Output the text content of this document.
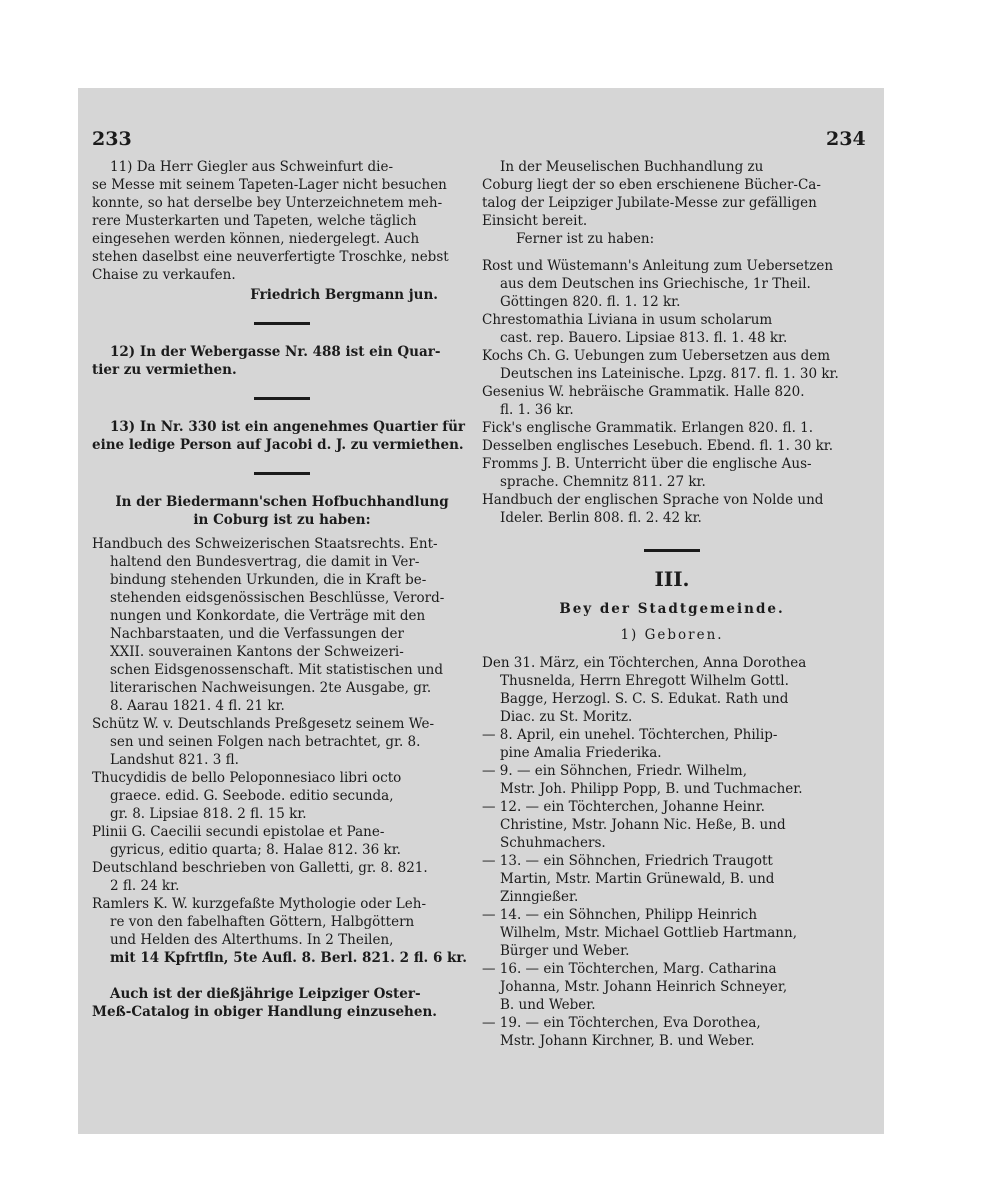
233	234
11) Da Herr Giegler aus Schweinfurt die-
se Messe mit seinem Tapeten-Lager nicht besuchen
konnte, so hat derselbe bey Unterzeichnetem meh-
rere Musterkarten und Tapeten, welche täglich
eingesehen werden können, niedergelegt. Auch
stehen daselbst eine neuverfertigte Troschke, nebst
Chaise zu verkaufen.
Friedrich Bergmann jun.
12) In der Webergasse Nr. 488 ist ein Quar-
tier zu vermiethen.
13) In Nr. 330 ist ein angenehmes Quartier für
eine ledige Person auf Jacobi d. J. zu vermiethen.
In der Biedermann'schen Hofbuchhandlung
in Coburg ist zu haben:
Handbuch des Schweizerischen Staatsrechts. Ent-
haltend den Bundesvertrag, die damit in Ver-
bindung stehenden Urkunden, die in Kraft be-
stehenden eidsgenössischen Beschlüsse, Verord-
nungen und Konkordate, die Verträge mit den
Nachbarstaaten, und die Verfassungen der
XXII. souverainen Kantons der Schweizeri-
schen Eidsgenossenschaft. Mit statistischen und
literarischen Nachweisungen. 2te Ausgabe, gr.
8. Aarau 1821. 4 fl. 21 kr.
Schütz W. v. Deutschlands Preßgesetz seinem We-
sen und seinen Folgen nach betrachtet, gr. 8.
Landshut 821. 3 fl.
Thucydidis de bello Peloponnesiaco libri octo
graece. edid. G. Seebode. editio secunda,
gr. 8. Lipsiae 818. 2 fl. 15 kr.
Plinii G. Caecilii secundi epistolae et Pane-
gyricus, editio quarta; 8. Halae 812. 36 kr.
Deutschland beschrieben von Galletti, gr. 8. 821.
2 fl. 24 kr.
Ramlers K. W. kurzgefaßte Mythologie oder Leh-
re von den fabelhaften Göttern, Halbgöttern
und Helden des Alterthums. In 2 Theilen,
mit 14 Kpfrtfln, 5te Aufl. 8. Berl. 821. 2 fl. 6 kr.
Auch ist der dießjährige Leipziger Oster-
Meß-Catalog in obiger Handlung einzusehen.
In der Meuselischen Buchhandlung zu
Coburg liegt der so eben erschienene Bücher-Ca-
talog der Leipziger Jubilate-Messe zur gefälligen
Einsicht bereit.
Ferner ist zu haben:
Rost und Wüstemann's Anleitung zum Uebersetzen
aus dem Deutschen ins Griechische, 1r Theil.
Göttingen 820. fl. 1. 12 kr.
Chrestomathia Liviana in usum scholarum
cast. rep. Bauero. Lipsiae 813. fl. 1. 48 kr.
Kochs Ch. G. Uebungen zum Uebersetzen aus dem
Deutschen ins Lateinische. Lpzg. 817. fl. 1. 30 kr.
Gesenius W. hebräische Grammatik. Halle 820.
fl. 1. 36 kr.
Fick's englische Grammatik. Erlangen 820. fl. 1.
Desselben englisches Lesebuch. Ebend. fl. 1. 30 kr.
Fromms J. B. Unterricht über die englische Aus-
sprache. Chemnitz 811. 27 kr.
Handbuch der englischen Sprache von Nolde und
Ideler. Berlin 808. fl. 2. 42 kr.
III.
Bey der Stadtgemeinde.
1) Geboren.
Den 31. März, ein Töchterchen, Anna Dorothea
Thusnelda, Herrn Ehregott Wilhelm Gottl.
Bagge, Herzogl. S. C. S. Edukat. Rath und
Diac. zu St. Moritz.
— 8. April, ein unehel. Töchterchen, Philip-
pine Amalia Friederika.
— 9. — ein Söhnchen, Friedr. Wilhelm,
Mstr. Joh. Philipp Popp, B. und Tuchmacher.
— 12. — ein Töchterchen, Johanne Heinr.
Christine, Mstr. Johann Nic. Heße, B. und
Schuhmachers.
— 13. — ein Söhnchen, Friedrich Traugott
Martin, Mstr. Martin Grünewald, B. und
Zinngießer.
— 14. — ein Söhnchen, Philipp Heinrich
Wilhelm, Mstr. Michael Gottlieb Hartmann,
Bürger und Weber.
— 16. — ein Töchterchen, Marg. Catharina
Johanna, Mstr. Johann Heinrich Schneyer,
B. und Weber.
— 19. — ein Töchterchen, Eva Dorothea,
Mstr. Johann Kirchner, B. und Weber.
